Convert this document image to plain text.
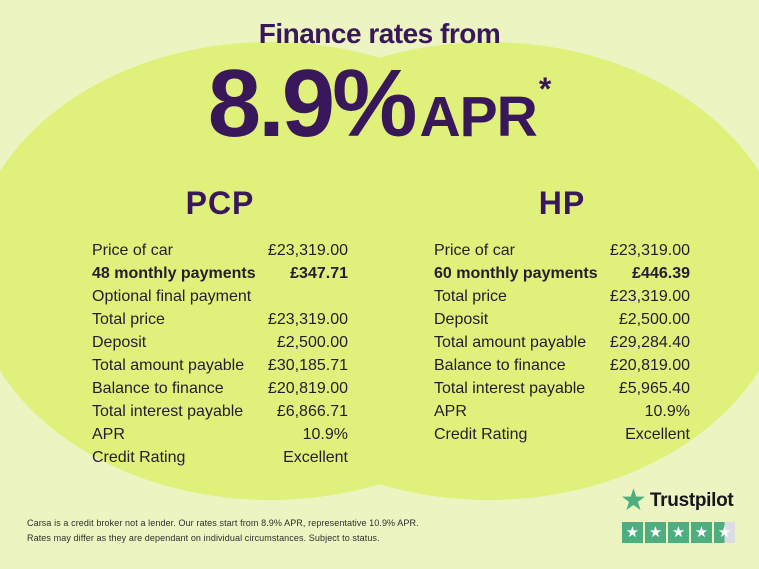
Finance rates from
8.9% APR *
PCP
Price of car	£23,319.00
48 monthly payments £347.71
Optional final payment
Total price	£23,319.00
Deposit	£2,500.00
Total amount payable £30,185.71
Balance to finance	£20,819.00
Total interest payable £6,866.71
APR	10.9%
Credit Rating	Excellent
HP
Price of car	£23,319.00
60 monthly payments £446.39
Total price	£23,319.00
Deposit	£2,500.00
Total amount payable £29,284.40
Balance to finance	£20,819.00
Total interest payable £5,965.40
APR	10.9%
Credit Rating	Excellent
Carsa is a credit broker not a lender. Our rates start from 8.9% APR, representative 10.9% APR.
Rates may differ as they are dependant on individual circumstances. Subject to status.
★ Trustpilot
★ ★ ★ ★ ★
